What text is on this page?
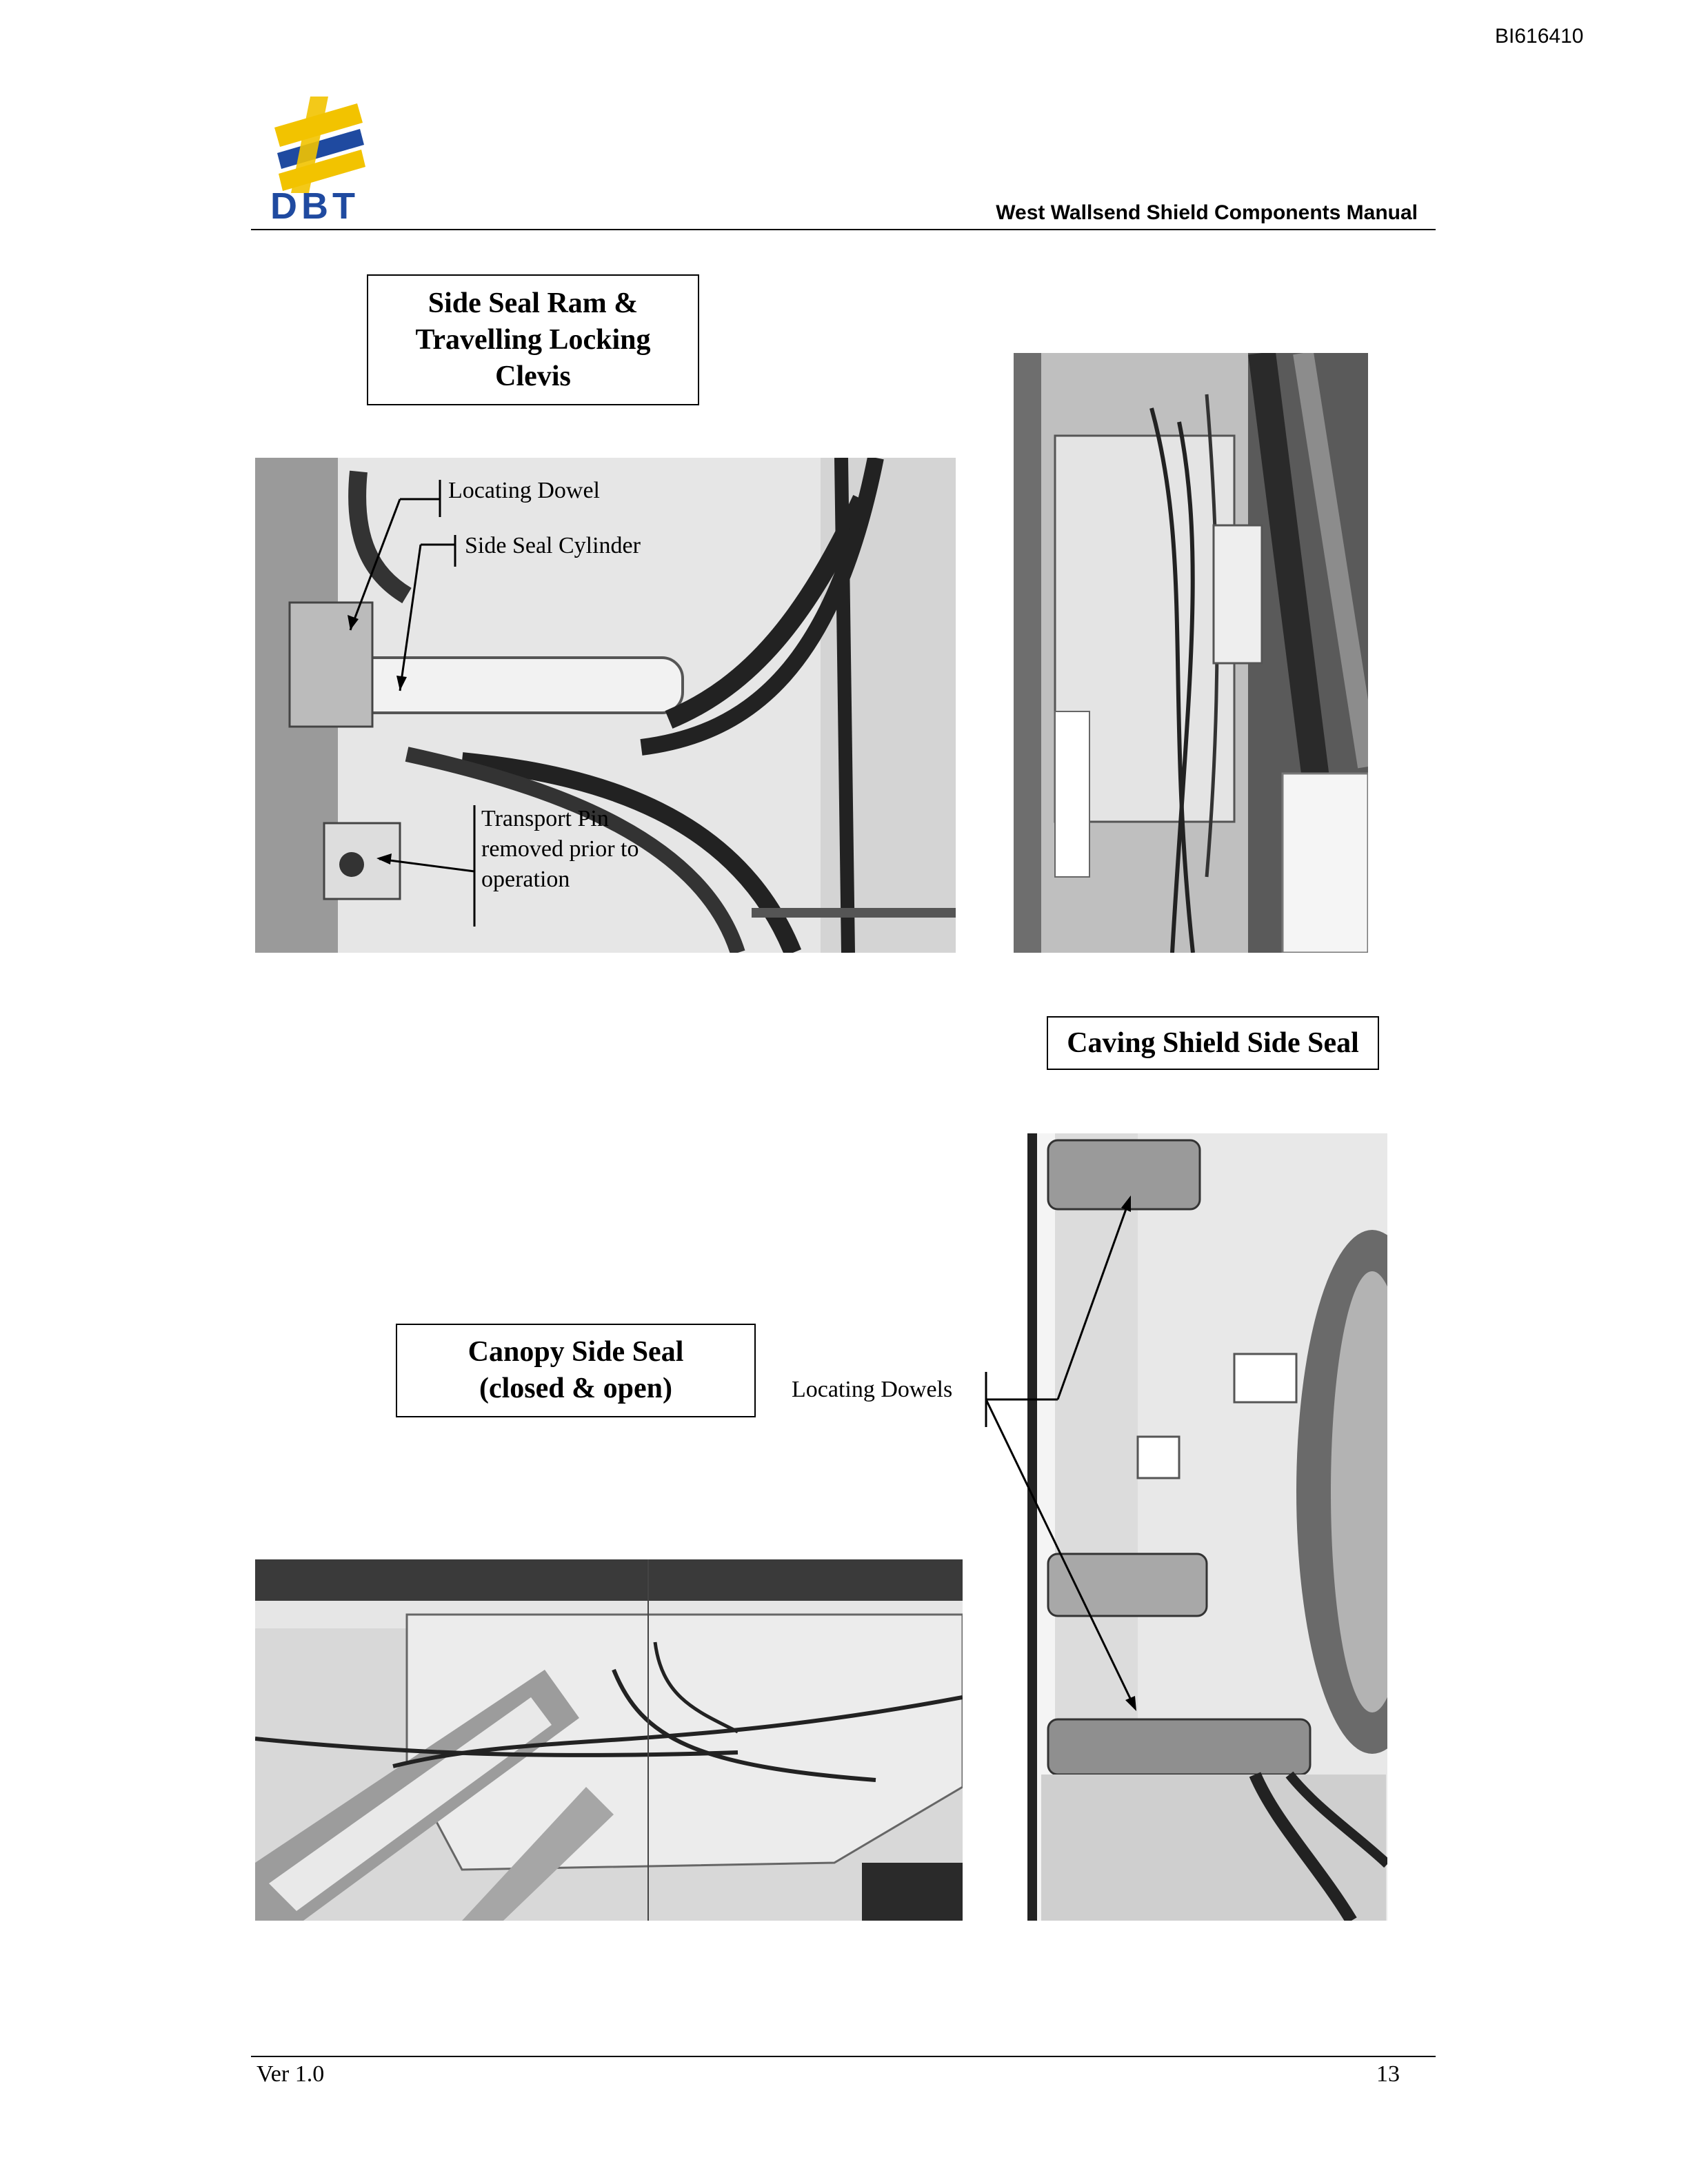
BI616410
DBT	West Wallsend Shield Components Manual
Side Seal Ram &
Travelling Locking
Clevis
Locating Dowel
Side Seal Cylinder
Transport Pin
removed prior to
operation
Caving Shield Side Seal
Locating Dowels
Canopy Side Seal
(closed & open)
Ver 1.0	13
